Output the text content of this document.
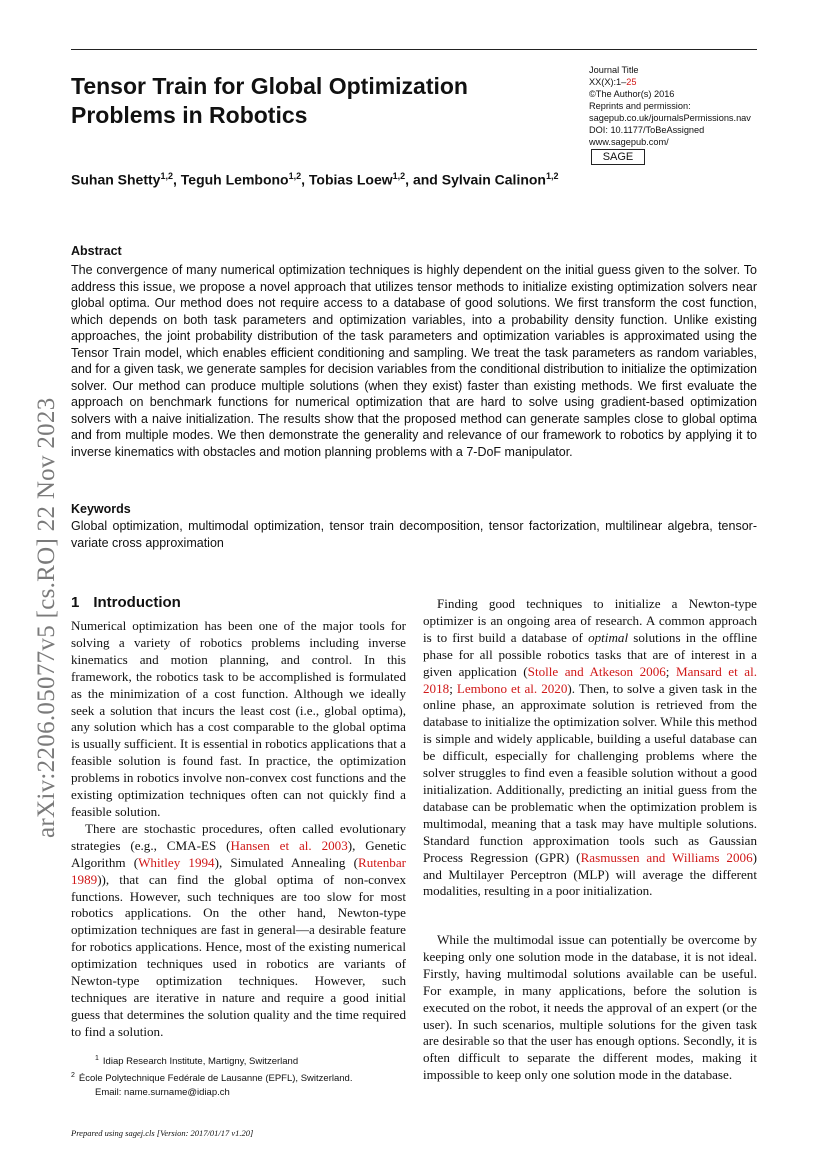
arXiv:2206.05077v5 [cs.RO] 22 Nov 2023
Tensor Train for Global Optimization Problems in Robotics
Journal Title
XX(X):1–25
©The Author(s) 2016
Reprints and permission:
sagepub.co.uk/journalsPermissions.nav
DOI: 10.1177/ToBeAssigned
www.sagepub.com/
SAGE
Suhan Shetty$^{1,2}$, Teguh Lembono$^{1,2}$, Tobias Loew$^{1,2}$, and Sylvain Calinon$^{1,2}$
Abstract
The convergence of many numerical optimization techniques is highly dependent on the initial guess given to the solver. To address this issue, we propose a novel approach that utilizes tensor methods to initialize existing optimization solvers near global optima. Our method does not require access to a database of good solutions. We first transform the cost function, which depends on both task parameters and optimization variables, into a probability density function. Unlike existing approaches, the joint probability distribution of the task parameters and optimization variables is approximated using the Tensor Train model, which enables efficient conditioning and sampling. We treat the task parameters as random variables, and for a given task, we generate samples for decision variables from the conditional distribution to initialize the optimization solver. Our method can produce multiple solutions (when they exist) faster than existing methods. We first evaluate the approach on benchmark functions for numerical optimization that are hard to solve using gradient-based optimization solvers with a naive initialization. The results show that the proposed method can generate samples close to global optima and from multiple modes. We then demonstrate the generality and relevance of our framework to robotics by applying it to inverse kinematics with obstacles and motion planning problems with a 7-DoF manipulator.
Keywords
Global optimization, multimodal optimization, tensor train decomposition, tensor factorization, multilinear algebra, tensor-variate cross approximation
1 Introduction

Numerical optimization has been one of the major tools for solving a variety of robotics problems including inverse kinematics and motion planning, and control. In this framework, the robotics task to be accomplished is formulated as the minimization of a cost function. Although we ideally seek a solution that incurs the least cost (i.e., global optima), any solution which has a cost comparable to the global optima is usually sufficient. It is essential in robotics applications that a feasible solution is found fast. In practice, the optimization problems in robotics involve non-convex cost functions and the existing optimization techniques often can not quickly find a feasible solution.

There are stochastic procedures, often called evolutionary strategies (e.g., CMA-ES (Hansen et al. 2003), Genetic Algorithm (Whitley 1994), Simulated Annealing (Rutenbar 1989)), that can find the global optima of non-convex functions. However, such techniques are too slow for most robotics applications. On the other hand, Newton-type optimization techniques are fast in general—a desirable feature for robotics applications. Hence, most of the existing numerical optimization techniques used in robotics are variants of Newton-type optimization techniques. However, such techniques are iterative in nature and require a good initial guess that determines the solution quality and the time required to find a solution.

Finding good techniques to initialize a Newton-type optimizer is an ongoing area of research. A common approach is to first build a database of optimal solutions in the offline phase for all possible robotics tasks that are of interest in a given application (Stolle and Atkeson 2006; Mansard et al. 2018; Lembono et al. 2020). Then, to solve a given task in the online phase, an approximate solution is retrieved from the database to initialize the optimization solver. While this method is simple and widely applicable, building a useful database can be difficult, especially for challenging problems where the solver struggles to find even a feasible solution without a good initialization. Additionally, predicting an initial guess from the database can be problematic when the optimization problem is multimodal, meaning that a task may have multiple solutions. Standard function approximation tools such as Gaussian Process Regression (GPR) (Rasmussen and Williams 2006) and Multilayer Perceptron (MLP) will average the different modalities, resulting in a poor initialization.

While the multimodal issue can potentially be overcome by keeping only one solution mode in the database, it is not ideal. Firstly, having multimodal solutions available can be useful. For example, in many applications, before the solution is executed on the robot, it needs the approval of an expert (or the user). In such scenarios, multiple solutions for the given task are desirable so that the user has enough options. Secondly, it is often difficult to separate the different modes, making it impossible to keep only one solution mode in the database.

$^1$ Idiap Research Institute, Martigny, Switzerland
$^2$ École Polytechnique Fedérale de Lausanne (EPFL), Switzerland.
Email: name.surname@idiap.ch
Prepared using sagej.cls [Version: 2017/01/17 v1.20]
